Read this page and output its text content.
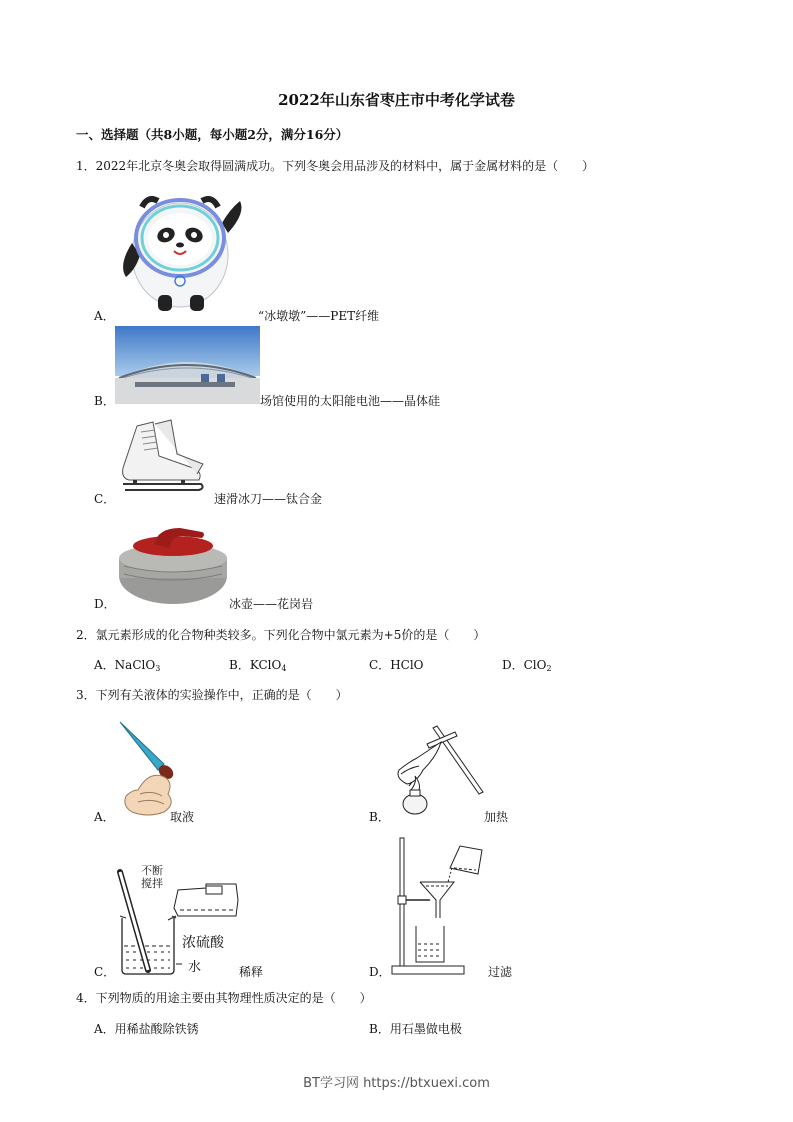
2022年山东省枣庄市中考化学试卷
一、选择题（共8小题，每小题2分，满分16分）
1．2022年北京冬奥会取得圆满成功。下列冬奥会用品涉及的材料中，属于金属材料的是（　　）
A．	“冰墩墩”——PET纤维
B．	场馆使用的太阳能电池——晶体硅
C．	速滑冰刀——钛合金
D．	冰壶——花岗岩
2．氯元素形成的化合物种类较多。下列化合物中氯元素为+5价的是（　　）
A．NaClO$_3$	B．KClO$_4$	C．HClO	D．ClO$_2$
3．下列有关液体的实验操作中，正确的是（　　）
A．	取液	B．	加热
不断
搅拌
浓硫酸
水
C．	稀释	D．	过滤
4．下列物质的用途主要由其物理性质决定的是（　　）
A．用稀盐酸除铁锈	B．用石墨做电极
BT学习网 https://btxuexi.com
